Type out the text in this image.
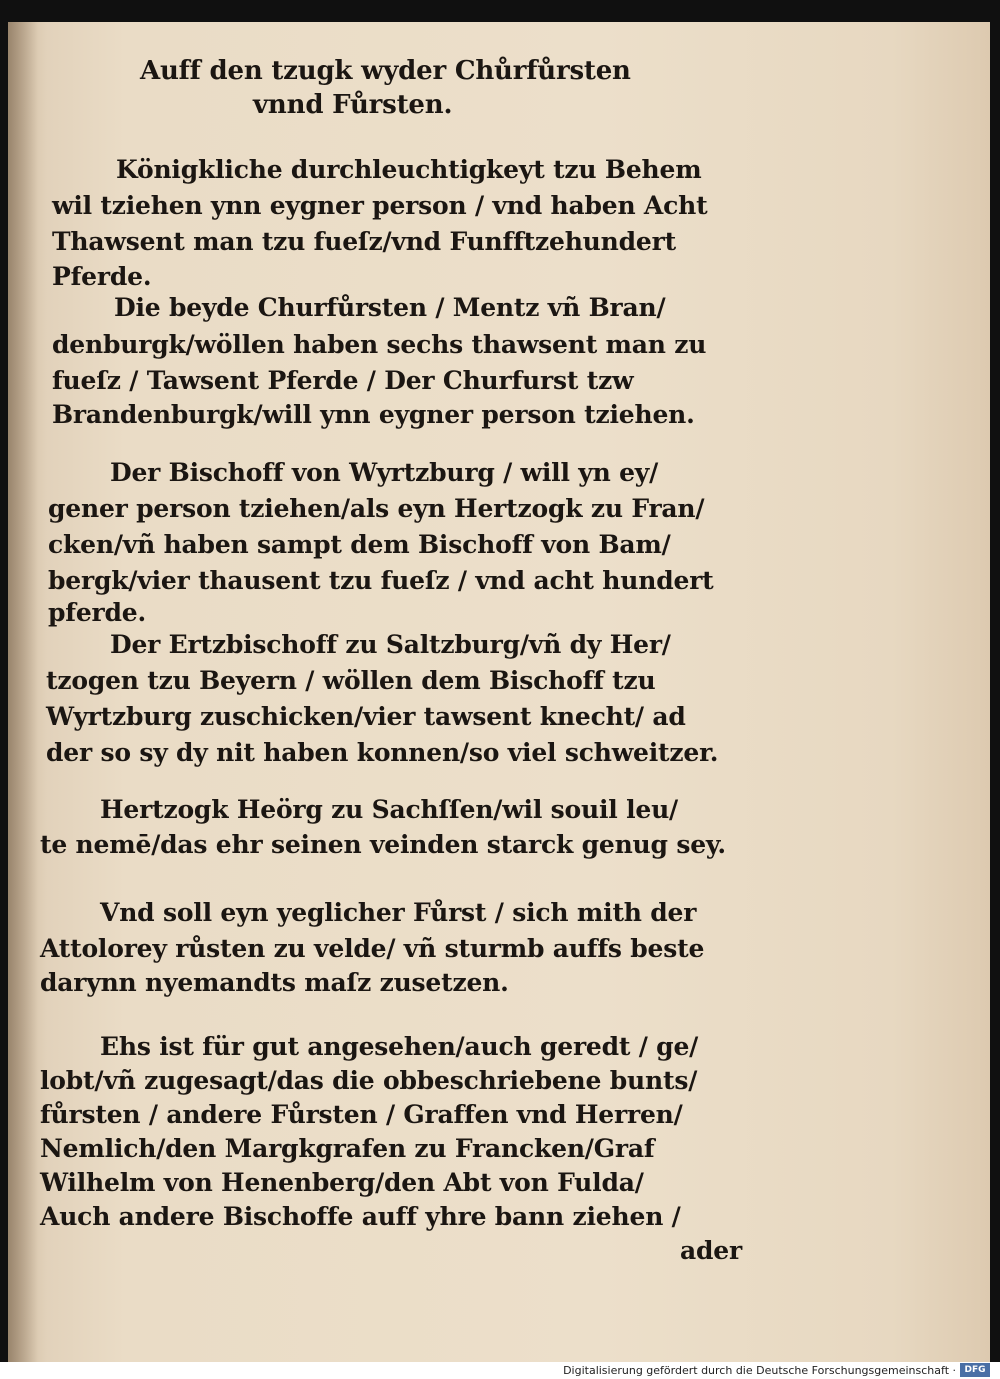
Auff den tzugk wyder Chůrfůrsten
vnnd Fůrsten.
Königkliche durchleuchtigkeyt tzu Behem
wil tziehen ynn eygner person / vnd haben Acht
Thawsent man tzu fueſz/vnd Funfftzehundert
Pferde.
Die beyde Churfůrsten / Mentz vñ Bran/
denburgk/wöllen haben sechs thawsent man zu
fueſz / Tawsent Pferde / Der Churfurst tzw
Brandenburgk/will ynn eygner person tziehen.
Der Bischoff von Wyrtzburg / will yn ey/
gener person tziehen/als eyn Hertzogk zu Fran/
cken/vñ haben sampt dem Bischoff von Bam/
bergk/vier thausent tzu fueſz / vnd acht hundert
pferde.
Der Ertzbischoff zu Saltzburg/vñ dy Her/
tzogen tzu Beyern / wöllen dem Bischoff tzu
Wyrtzburg zuschicken/vier tawsent knecht/ ad
der so sy dy nit haben konnen/so viel schweitzer.
Hertzogk Heörg zu Sachſſen/wil souil leu/
te nemē/das ehr seinen veinden starck genug sey.
Vnd soll eyn yeglicher Fůrst / sich mith der
Attolorey růsten zu velde/ vñ sturmb auffs beste
darynn nyemandts maſz zusetzen.
Ehs ist für gut angesehen/auch geredt / ge/
lobt/vñ zugesagt/das die obbeschriebene bunts/
fůrsten / andere Fůrsten / Graffen vnd Herren/
Nemlich/den Margkgrafen zu Francken/Graf
Wilhelm von Henenberg/den Abt von Fulda/
Auch andere Bischoffe auff yhre bann ziehen /
ader
Digitalisierung gefördert durch die Deutsche Forschungsgemeinschaft · DFG
